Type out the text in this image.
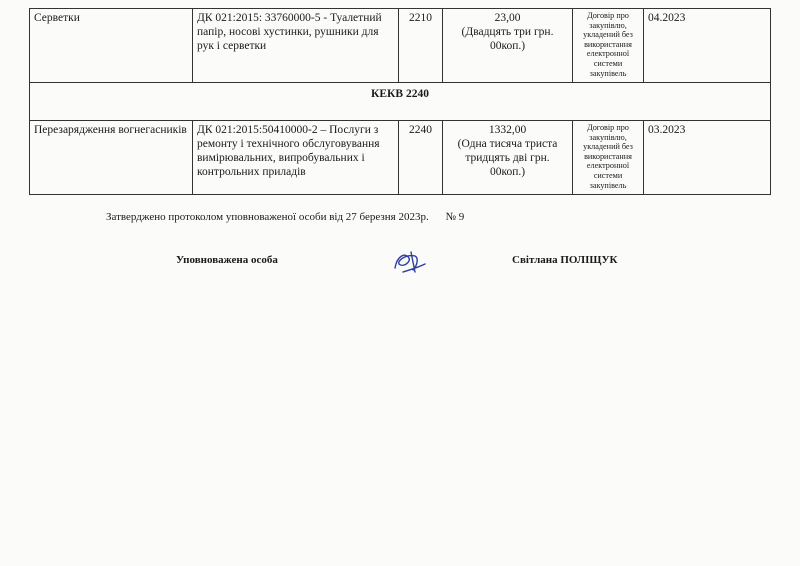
Серветки	ДК 021:2015: 33760000-5 - Туалетний папір, носові хустинки, рушники для рук і серветки	2210	23,00
(Двадцять три грн. 00коп.)	Договір про закупівлю, укладений без використання електронної системи закупівель	04.2023
КЕКВ 2240					
Перезарядження вогнегасників	ДК 021:2015:50410000-2 – Послуги з ремонту і технічного обслуговування вимірювальних, випробувальних і контрольних приладів	2240	1332,00
(Одна тисяча триста тридцять дві грн. 00коп.)	Договір про закупівлю, укладений без використання електронної системи закупівель	03.2023
Затверджено протоколом уповноваженої особи від 27 березня 2023р. № 9
Уповноважена особа	Світлана ПОЛІЩУК
